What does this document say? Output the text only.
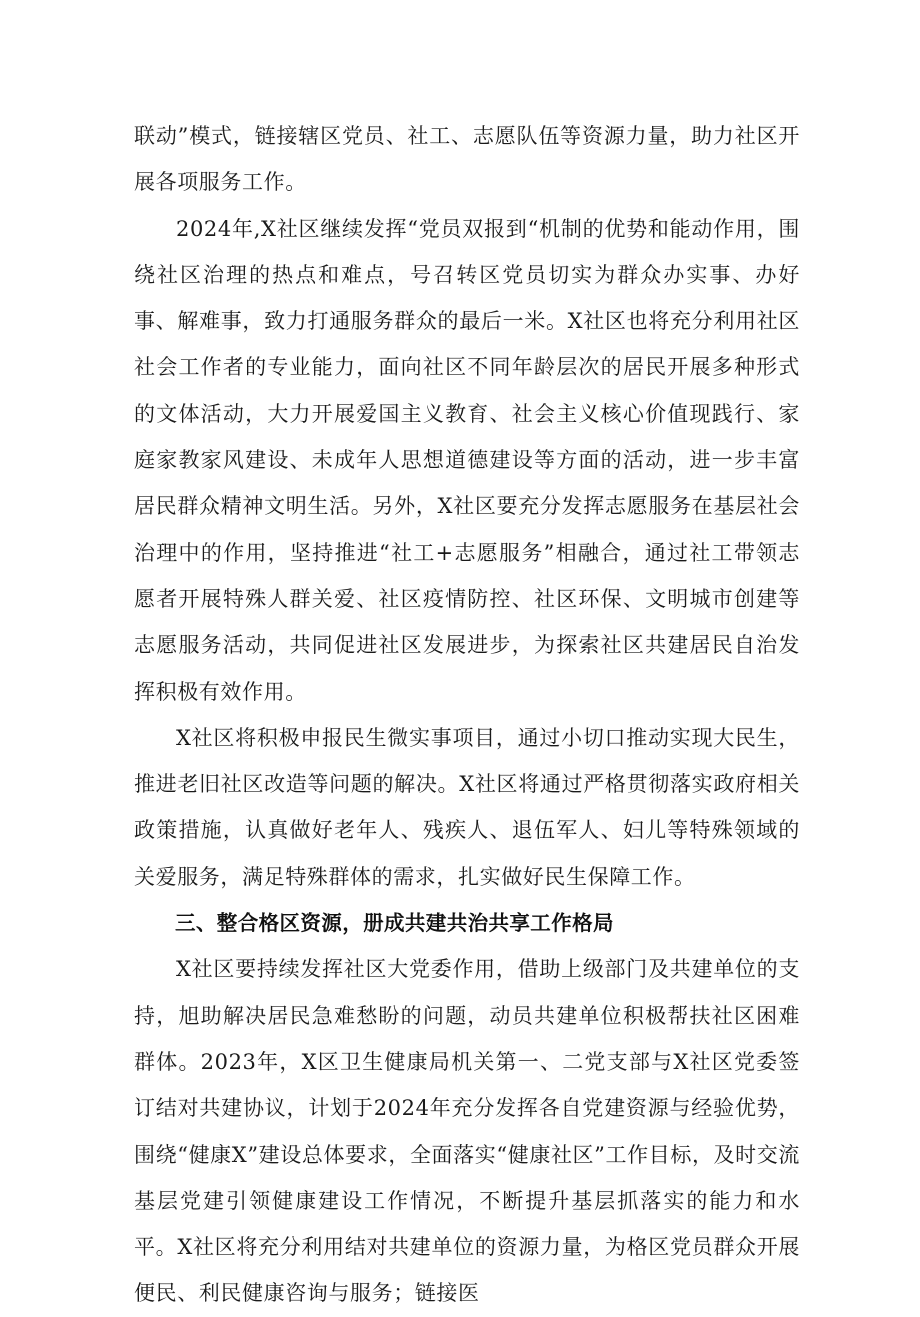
联动”模式，链接辖区党员、社工、志愿队伍等资源力量，助力社区开展各项服务工作。

2024年,X社区继续发挥“党员双报到“机制的优势和能动作用，围绕社区治理的热点和难点，号召转区党员切实为群众办实事、办好事、解难事，致力打通服务群众的最后一米。X社区也将充分利用社区社会工作者的专业能力，面向社区不同年龄层次的居民开展多种形式的文体活动，大力开展爱国主义教育、社会主义核心价值现践行、家庭家教家风建设、未成年人思想道德建设等方面的活动，进一步丰富居民群众精神文明生活。另外，X社区要充分发挥志愿服务在基层社会治理中的作用，坚持推进“社工+志愿服务”相融合，通过社工带领志愿者开展特殊人群关爱、社区疫情防控、社区环保、文明城市创建等志愿服务活动，共同促进社区发展进步，为探索社区共建居民自治发挥积极有效作用。

X社区将积极申报民生微实事项目，通过小切口推动实现大民生，推进老旧社区改造等问题的解决。X社区将通过严格贯彻落实政府相关政策措施，认真做好老年人、残疾人、退伍军人、妇儿等特殊领域的关爱服务，满足特殊群体的需求，扎实做好民生保障工作。

三、整合格区资源，册成共建共治共享工作格局

X社区要持续发挥社区大党委作用，借助上级部门及共建单位的支持，旭助解决居民急难愁盼的问题，动员共建单位积极帮扶社区困难群体。2023年，X区卫生健康局机关第一、二党支部与X社区党委签订结对共建协议，计划于2024年充分发挥各自党建资源与经验优势，围绕“健康X”建设总体要求，全面落实“健康社区”工作目标，及时交流基层党建引领健康建设工作情况，不断提升基层抓落实的能力和水平。X社区将充分利用结对共建单位的资源力量，为格区党员群众开展便民、利民健康咨询与服务；链接医
